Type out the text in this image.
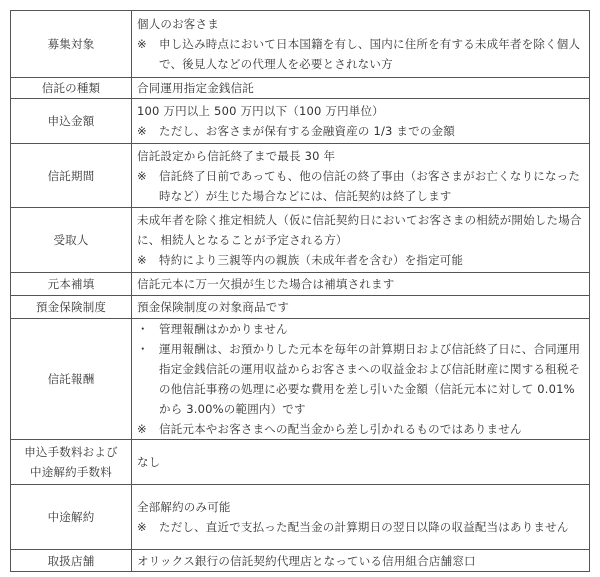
募集対象	個人のお客さま
※ 申し込み時点において日本国籍を有し、国内に住所を有する未成年者を除く個人で、後見人などの代理人を必要とされない方

信託の種類	合同運用指定金銭信託
申込金額	100 万円以上 500 万円以下（100 万円単位）
※ ただし、お客さまが保有する金融資産の 1/3 までの金額

信託期間	信託設定から信託終了まで最長 30 年
※ 信託終了日前であっても、他の信託の終了事由（お客さまがお亡くなりになった時など）が生じた場合などには、信託契約は終了します

受取人	未成年者を除く推定相続人（仮に信託契約日においてお客さまの相続が開始した場合に、相続人となることが予定される方）
※ 特約により三親等内の親族（未成年者を含む）を指定可能

元本補填	信託元本に万一欠損が生じた場合は補填されます
預金保険制度	預金保険制度の対象商品です
信託報酬	・ 管理報酬はかかりません
・ 運用報酬は、お預かりした元本を毎年の計算期日および信託終了日に、合同運用指定金銭信託の運用収益からお客さまへの収益金および信託財産に関する租税その他信託事務の処理に必要な費用を差し引いた金額（信託元本に対して 0.01%から 3.00%の範囲内）です
※ 信託元本やお客さまへの配当金から差し引かれるものではありません

申込手数料および
中途解約手数料	なし
中途解約	全部解約のみ可能
※ ただし、直近で支払った配当金の計算期日の翌日以降の収益配当はありません

取扱店舗	オリックス銀行の信託契約代理店となっている信用組合店舗窓口
